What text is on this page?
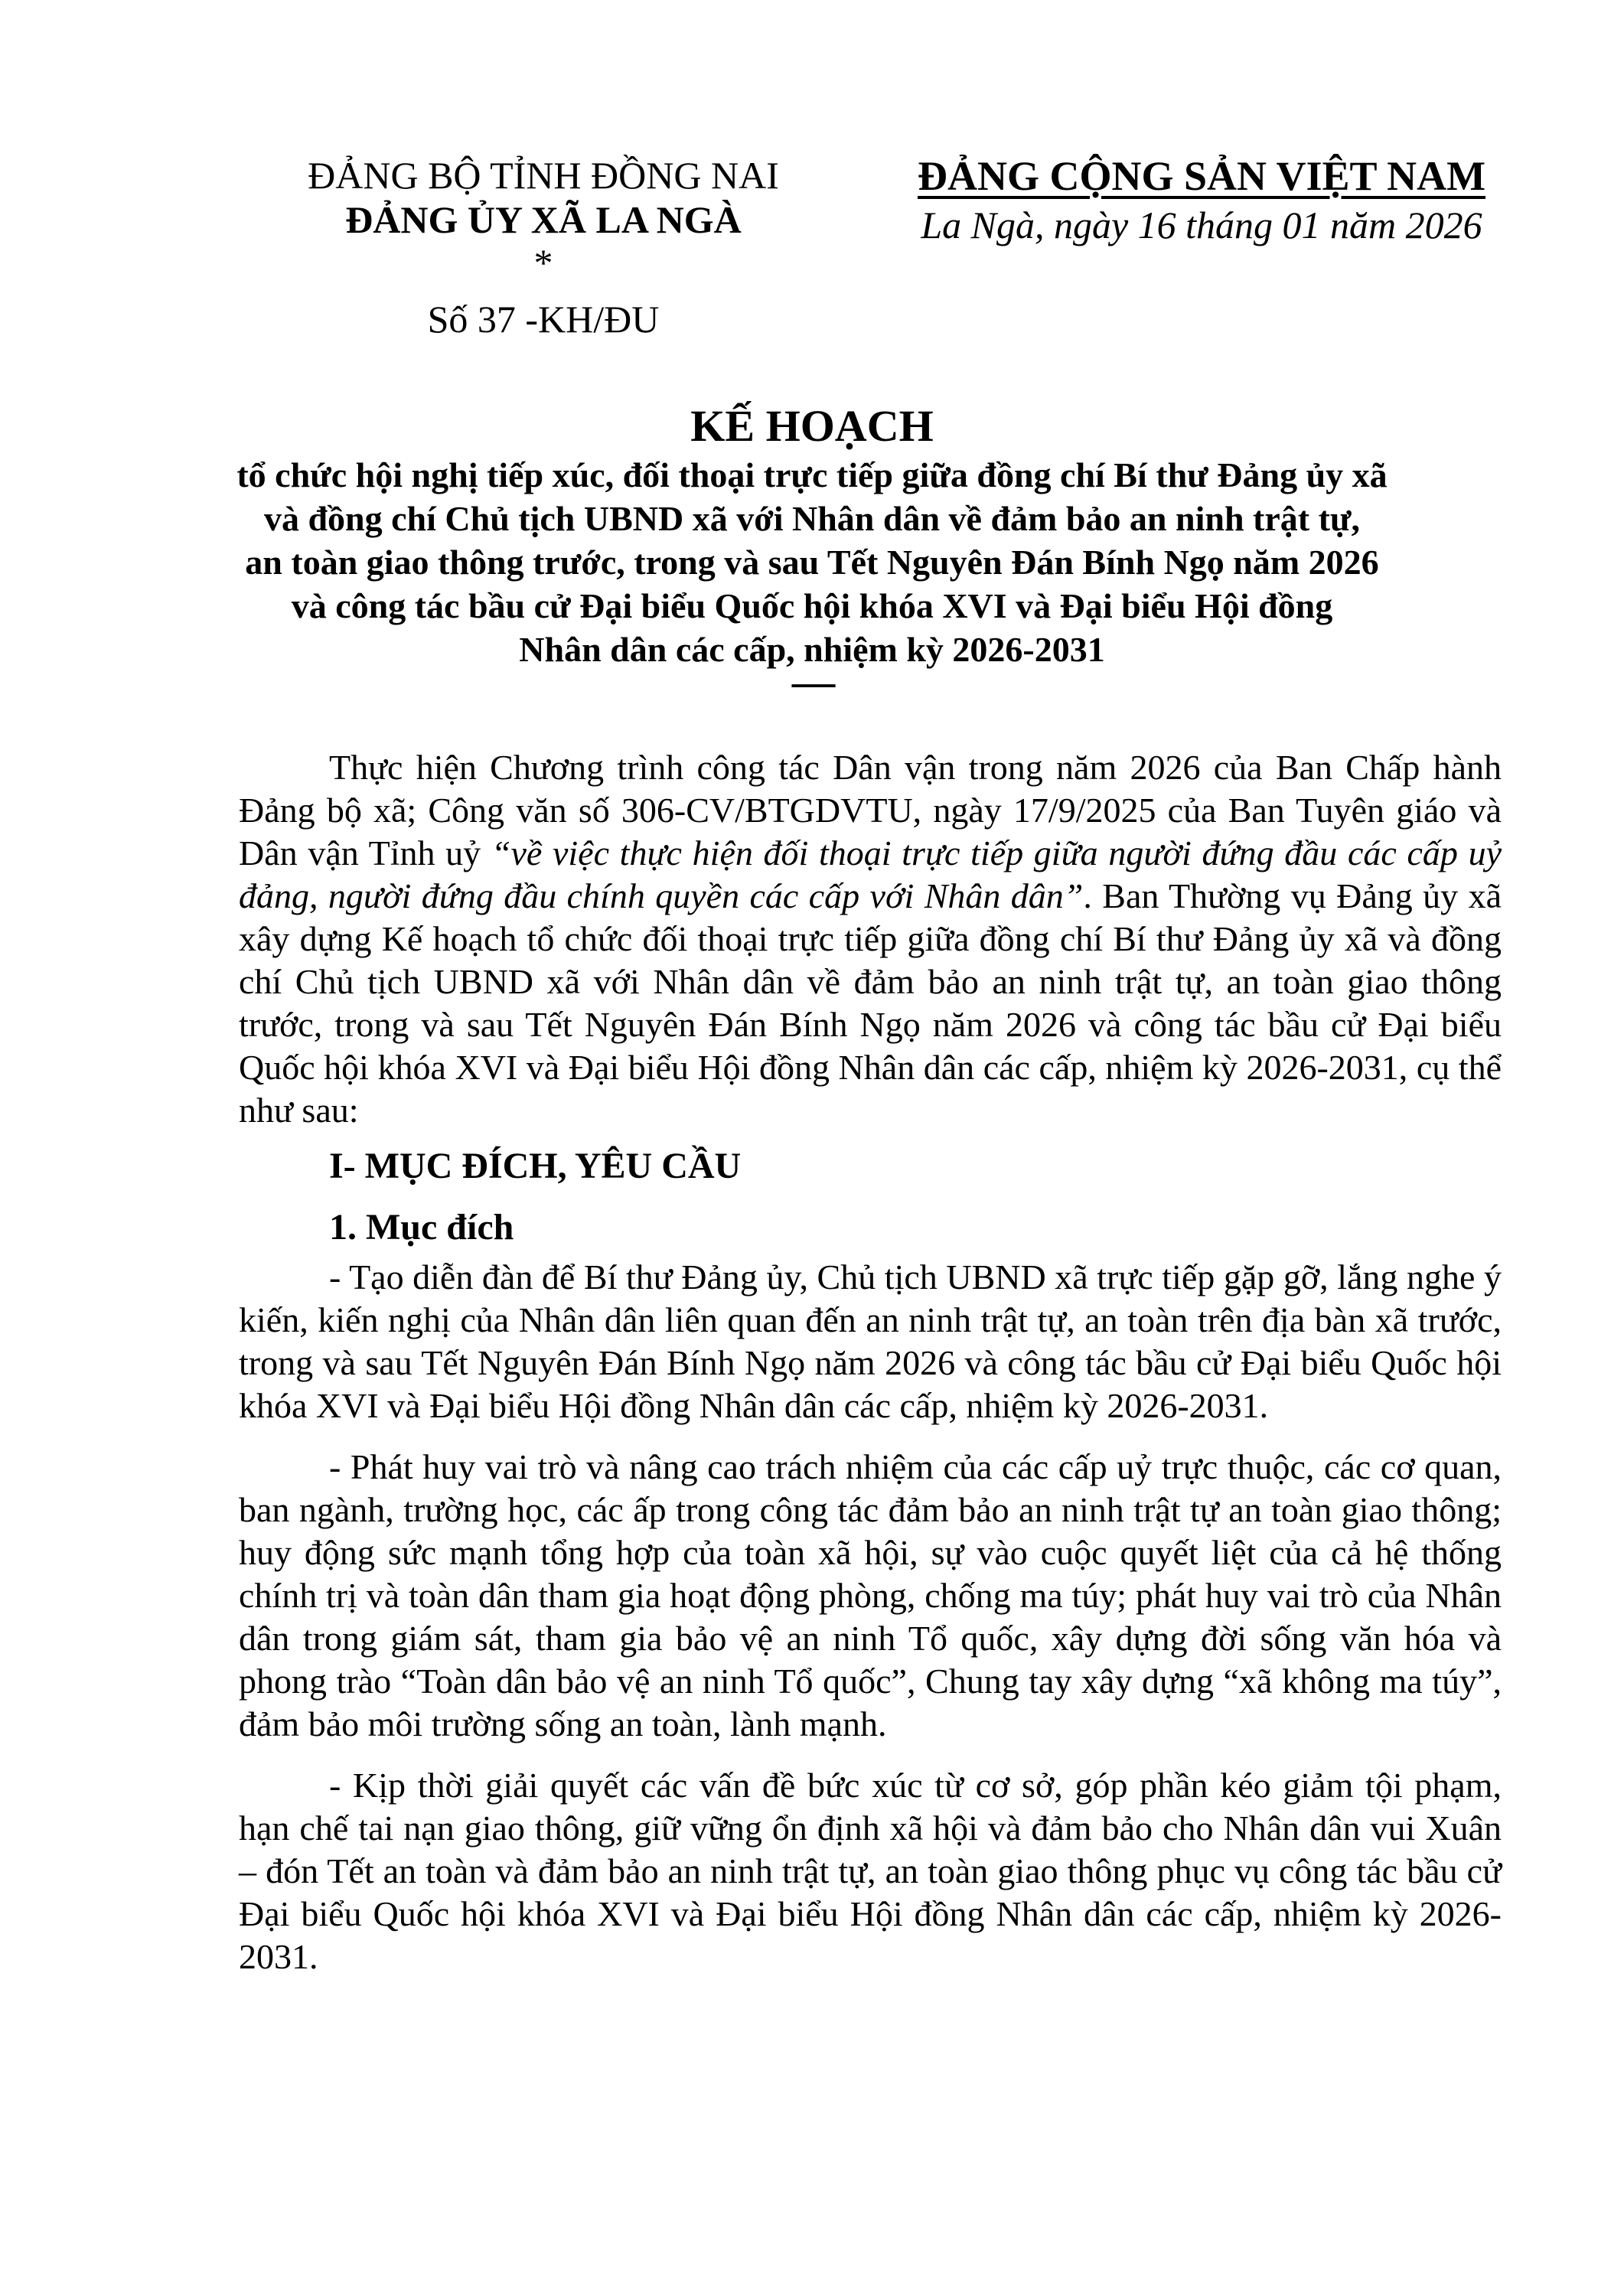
ĐẢNG BỘ TỈNH ĐỒNG NAI
ĐẢNG ỦY XÃ LA NGÀ
*
Số 37 -KH/ĐU
ĐẢNG CỘNG SẢN VIỆT NAM
La Ngà, ngày 16 tháng 01 năm 2026
KẾ HOẠCH
tổ chức hội nghị tiếp xúc, đối thoại trực tiếp giữa đồng chí Bí thư Đảng ủy xã
và đồng chí Chủ tịch UBND xã với Nhân dân về đảm bảo an ninh trật tự,
an toàn giao thông trước, trong và sau Tết Nguyên Đán Bính Ngọ năm 2026
và công tác bầu cử Đại biểu Quốc hội khóa XVI và Đại biểu Hội đồng
Nhân dân các cấp, nhiệm kỳ 2026-2031
-----

Thực hiện Chương trình công tác Dân vận trong năm 2026 của Ban Chấp hành Đảng bộ xã; Công văn số 306-CV/BTGDVTU, ngày 17/9/2025 của Ban Tuyên giáo và Dân vận Tỉnh uỷ “về việc thực hiện đối thoại trực tiếp giữa người đứng đầu các cấp uỷ đảng, người đứng đầu chính quyền các cấp với Nhân dân”. Ban Thường vụ Đảng ủy xã xây dựng Kế hoạch tổ chức đối thoại trực tiếp giữa đồng chí Bí thư Đảng ủy xã và đồng chí Chủ tịch UBND xã với Nhân dân về đảm bảo an ninh trật tự, an toàn giao thông trước, trong và sau Tết Nguyên Đán Bính Ngọ năm 2026 và công tác bầu cử Đại biểu Quốc hội khóa XVI và Đại biểu Hội đồng Nhân dân các cấp, nhiệm kỳ 2026-2031, cụ thể như sau:

I- MỤC ĐÍCH, YÊU CẦU
1. Mục đích

- Tạo diễn đàn để Bí thư Đảng ủy, Chủ tịch UBND xã trực tiếp gặp gỡ, lắng nghe ý kiến, kiến nghị của Nhân dân liên quan đến an ninh trật tự, an toàn trên địa bàn xã trước, trong và sau Tết Nguyên Đán Bính Ngọ năm 2026 và công tác bầu cử Đại biểu Quốc hội khóa XVI và Đại biểu Hội đồng Nhân dân các cấp, nhiệm kỳ 2026-2031.

- Phát huy vai trò và nâng cao trách nhiệm của các cấp uỷ trực thuộc, các cơ quan, ban ngành, trường học, các ấp trong công tác đảm bảo an ninh trật tự an toàn giao thông; huy động sức mạnh tổng hợp của toàn xã hội, sự vào cuộc quyết liệt của cả hệ thống chính trị và toàn dân tham gia hoạt động phòng, chống ma túy; phát huy vai trò của Nhân dân trong giám sát, tham gia bảo vệ an ninh Tổ quốc, xây dựng đời sống văn hóa và phong trào “Toàn dân bảo vệ an ninh Tổ quốc”, Chung tay xây dựng “xã không ma túy”, đảm bảo môi trường sống an toàn, lành mạnh.

- Kịp thời giải quyết các vấn đề bức xúc từ cơ sở, góp phần kéo giảm tội phạm, hạn chế tai nạn giao thông, giữ vững ổn định xã hội và đảm bảo cho Nhân dân vui Xuân – đón Tết an toàn và đảm bảo an ninh trật tự, an toàn giao thông phục vụ công tác bầu cử Đại biểu Quốc hội khóa XVI và Đại biểu Hội đồng Nhân dân các cấp, nhiệm kỳ 2026-2031.
